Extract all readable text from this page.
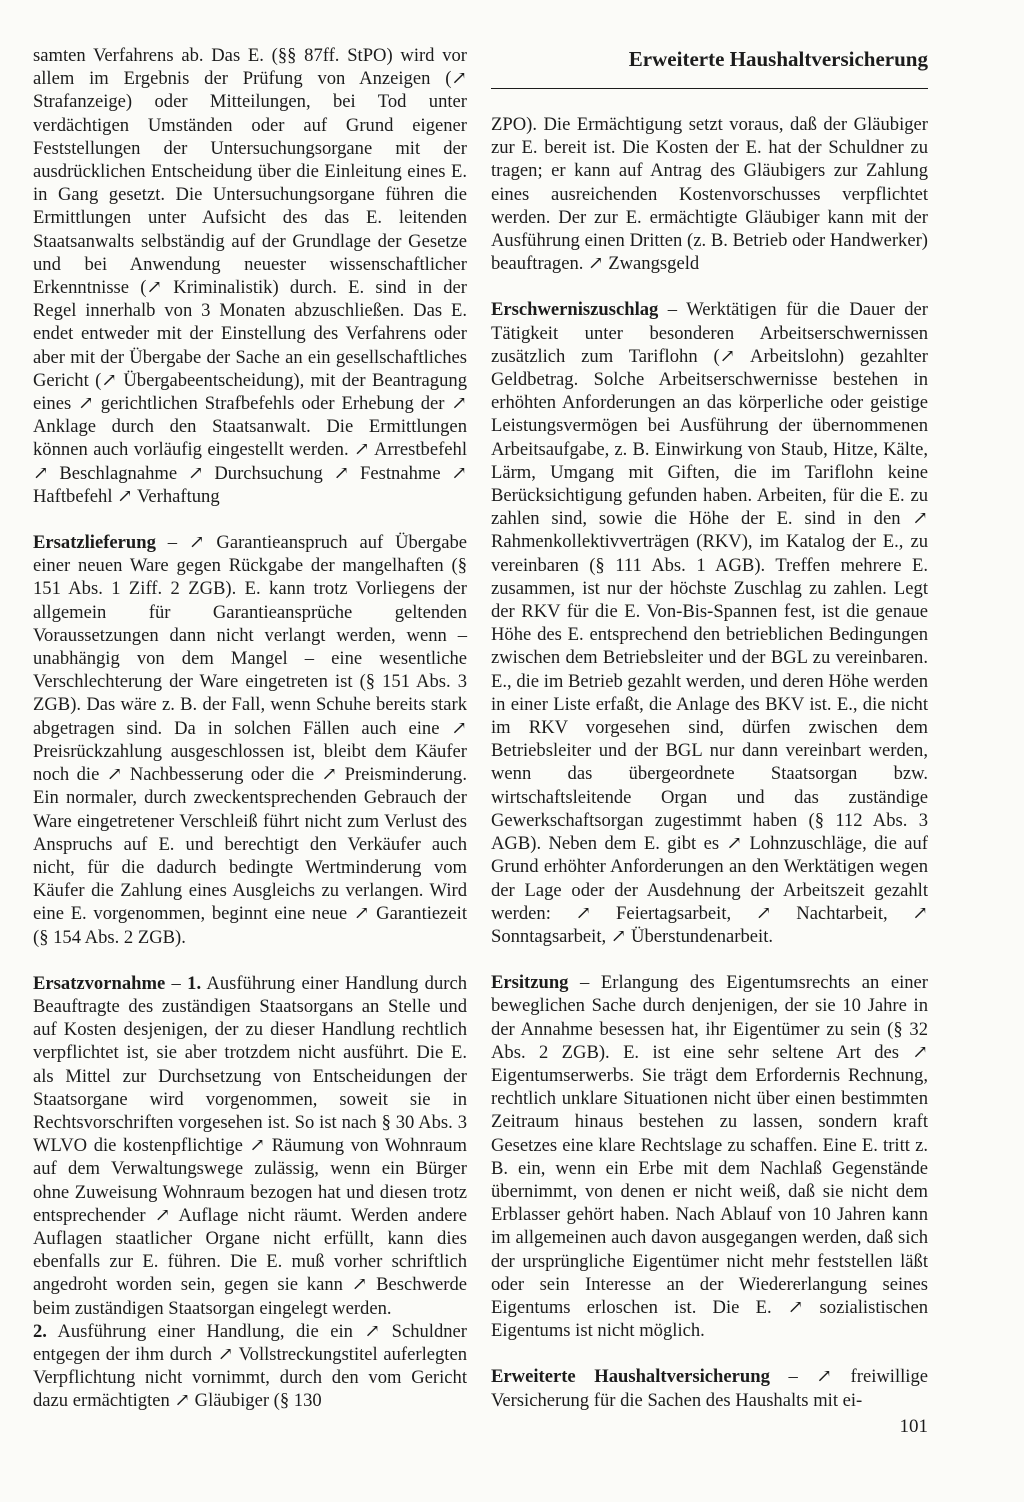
Erweiterte Haushaltversicherung

samten Verfahrens ab. Das E. (§§ 87ff. StPO) wird vor allem im Ergebnis der Prüfung von Anzeigen (↗ Strafanzeige) oder Mitteilungen, bei Tod unter verdächtigen Umständen oder auf Grund eigener Feststellungen der Untersuchungsorgane mit der ausdrücklichen Entscheidung über die Einleitung eines E. in Gang gesetzt. Die Untersuchungsorgane führen die Ermittlungen unter Aufsicht des das E. leitenden Staatsanwalts selbständig auf der Grundlage der Gesetze und bei Anwendung neuester wissenschaftlicher Erkenntnisse (↗ Kriminalistik) durch. E. sind in der Regel innerhalb von 3 Monaten abzuschließen. Das E. endet entweder mit der Einstellung des Verfahrens oder aber mit der Übergabe der Sache an ein gesellschaftliches Gericht (↗ Übergabeentscheidung), mit der Beantragung eines ↗ gerichtlichen Strafbefehls oder Erhebung der ↗ Anklage durch den Staatsanwalt. Die Ermittlungen können auch vorläufig eingestellt werden. ↗ Arrestbefehl ↗ Beschlagnahme ↗ Durchsuchung ↗ Festnahme ↗ Haftbefehl ↗ Verhaftung

Ersatzlieferung – ↗ Garantieanspruch auf Übergabe einer neuen Ware gegen Rückgabe der mangelhaften (§ 151 Abs. 1 Ziff. 2 ZGB). E. kann trotz Vorliegens der allgemein für Garantieansprüche geltenden Voraussetzungen dann nicht verlangt werden, wenn – unabhängig von dem Mangel – eine wesentliche Verschlechterung der Ware eingetreten ist (§ 151 Abs. 3 ZGB). Das wäre z. B. der Fall, wenn Schuhe bereits stark abgetragen sind. Da in solchen Fällen auch eine ↗ Preisrückzahlung ausgeschlossen ist, bleibt dem Käufer noch die ↗ Nachbesserung oder die ↗ Preisminderung. Ein normaler, durch zweckentsprechenden Gebrauch der Ware eingetretener Verschleiß führt nicht zum Verlust des Anspruchs auf E. und berechtigt den Verkäufer auch nicht, für die dadurch bedingte Wertminderung vom Käufer die Zahlung eines Ausgleichs zu verlangen. Wird eine E. vorgenommen, beginnt eine neue ↗ Garantiezeit (§ 154 Abs. 2 ZGB).

Ersatzvornahme – 1. Ausführung einer Handlung durch Beauftragte des zuständigen Staatsorgans an Stelle und auf Kosten desjenigen, der zu dieser Handlung rechtlich verpflichtet ist, sie aber trotzdem nicht ausführt. Die E. als Mittel zur Durchsetzung von Entscheidungen der Staatsorgane wird vorgenommen, soweit sie in Rechtsvorschriften vorgesehen ist. So ist nach § 30 Abs. 3 WLVO die kostenpflichtige ↗ Räumung von Wohnraum auf dem Verwaltungswege zulässig, wenn ein Bürger ohne Zuweisung Wohnraum bezogen hat und diesen trotz entsprechender ↗ Auflage nicht räumt. Werden andere Auflagen staatlicher Organe nicht erfüllt, kann dies ebenfalls zur E. führen. Die E. muß vorher schriftlich angedroht worden sein, gegen sie kann ↗ Beschwerde beim zuständigen Staatsorgan eingelegt werden.

2. Ausführung einer Handlung, die ein ↗ Schuldner entgegen der ihm durch ↗ Vollstreckungstitel auferlegten Verpflichtung nicht vornimmt, durch den vom Gericht dazu ermächtigten ↗ Gläubiger (§ 130

ZPO). Die Ermächtigung setzt voraus, daß der Gläubiger zur E. bereit ist. Die Kosten der E. hat der Schuldner zu tragen; er kann auf Antrag des Gläubigers zur Zahlung eines ausreichenden Kostenvorschusses verpflichtet werden. Der zur E. ermächtigte Gläubiger kann mit der Ausführung einen Dritten (z. B. Betrieb oder Handwerker) beauftragen. ↗ Zwangsgeld

Erschwerniszuschlag – Werktätigen für die Dauer der Tätigkeit unter besonderen Arbeitserschwernissen zusätzlich zum Tariflohn (↗ Arbeitslohn) gezahlter Geldbetrag. Solche Arbeitserschwernisse bestehen in erhöhten Anforderungen an das körperliche oder geistige Leistungsvermögen bei Ausführung der übernommenen Arbeitsaufgabe, z. B. Einwirkung von Staub, Hitze, Kälte, Lärm, Umgang mit Giften, die im Tariflohn keine Berücksichtigung gefunden haben. Arbeiten, für die E. zu zahlen sind, sowie die Höhe der E. sind in den ↗ Rahmenkollektivverträgen (RKV), im Katalog der E., zu vereinbaren (§ 111 Abs. 1 AGB). Treffen mehrere E. zusammen, ist nur der höchste Zuschlag zu zahlen. Legt der RKV für die E. Von-Bis-Spannen fest, ist die genaue Höhe des E. entsprechend den betrieblichen Bedingungen zwischen dem Betriebsleiter und der BGL zu vereinbaren. E., die im Betrieb gezahlt werden, und deren Höhe werden in einer Liste erfaßt, die Anlage des BKV ist. E., die nicht im RKV vorgesehen sind, dürfen zwischen dem Betriebsleiter und der BGL nur dann vereinbart werden, wenn das übergeordnete Staatsorgan bzw. wirtschaftsleitende Organ und das zuständige Gewerkschaftsorgan zugestimmt haben (§ 112 Abs. 3 AGB). Neben dem E. gibt es ↗ Lohnzuschläge, die auf Grund erhöhter Anforderungen an den Werktätigen wegen der Lage oder der Ausdehnung der Arbeitszeit gezahlt werden: ↗ Feiertagsarbeit, ↗ Nachtarbeit, ↗ Sonntagsarbeit, ↗ Überstundenarbeit.

Ersitzung – Erlangung des Eigentumsrechts an einer beweglichen Sache durch denjenigen, der sie 10 Jahre in der Annahme besessen hat, ihr Eigentümer zu sein (§ 32 Abs. 2 ZGB). E. ist eine sehr seltene Art des ↗ Eigentumserwerbs. Sie trägt dem Erfordernis Rechnung, rechtlich unklare Situationen nicht über einen bestimmten Zeitraum hinaus bestehen zu lassen, sondern kraft Gesetzes eine klare Rechtslage zu schaffen. Eine E. tritt z. B. ein, wenn ein Erbe mit dem Nachlaß Gegenstände übernimmt, von denen er nicht weiß, daß sie nicht dem Erblasser gehört haben. Nach Ablauf von 10 Jahren kann im allgemeinen auch davon ausgegangen werden, daß sich der ursprüngliche Eigentümer nicht mehr feststellen läßt oder sein Interesse an der Wiedererlangung seines Eigentums erloschen ist. Die E. ↗ sozialistischen Eigentums ist nicht möglich.

Erweiterte Haushaltversicherung – ↗ freiwillige Versicherung für die Sachen des Haushalts mit ei-

101
